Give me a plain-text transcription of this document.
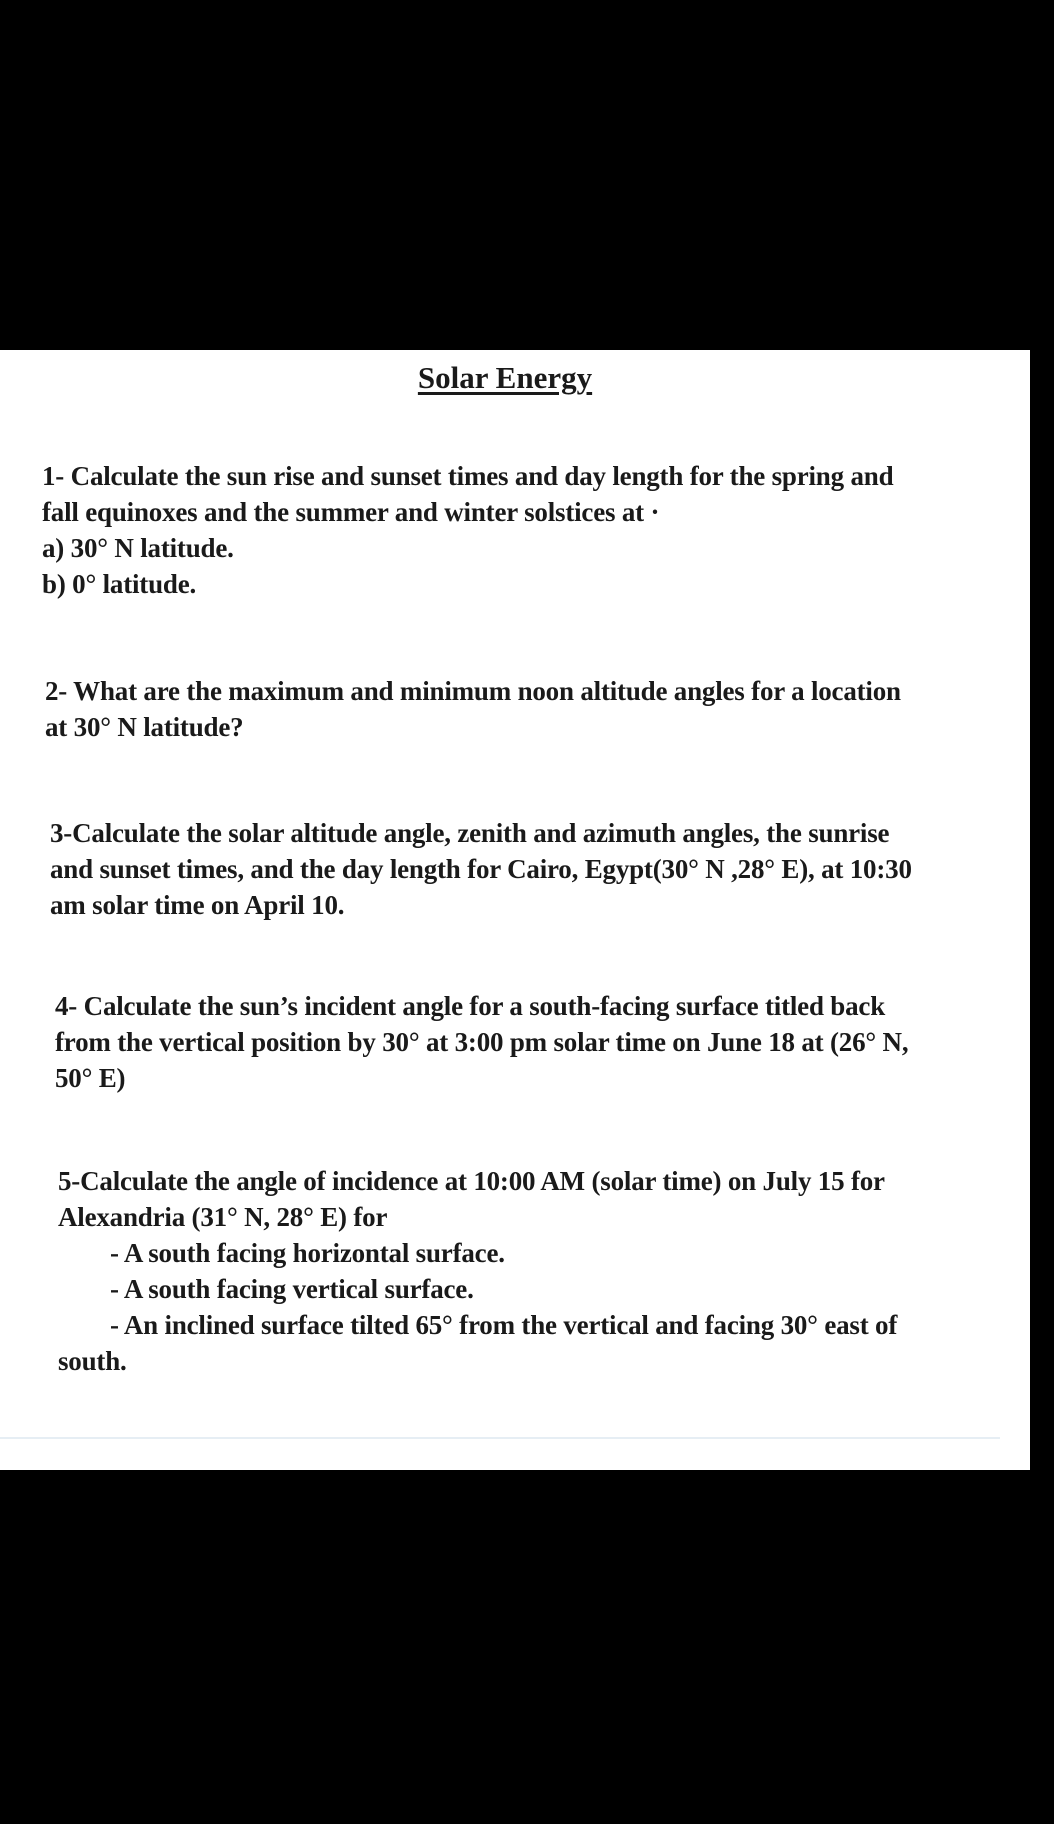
Solar Energy
1- Calculate the sun rise and sunset times and day length for the spring and
fall equinoxes and the summer and winter solstices at ·
a) 30° N latitude.
b) 0° latitude.
2- What are the maximum and minimum noon altitude angles for a location
at 30° N latitude?
3-Calculate the solar altitude angle, zenith and azimuth angles, the sunrise
and sunset times, and the day length for Cairo, Egypt(30° N ,28° E), at 10:30
am solar time on April 10.
4- Calculate the sun’s incident angle for a south-facing surface titled back
from the vertical position by 30° at 3:00 pm solar time on June 18 at (26° N,
50° E)
5-Calculate the angle of incidence at 10:00 AM (solar time) on July 15 for
Alexandria (31° N, 28° E) for
- A south facing horizontal surface.
- A south facing vertical surface.
- An inclined surface tilted 65° from the vertical and facing 30° east of
south.
